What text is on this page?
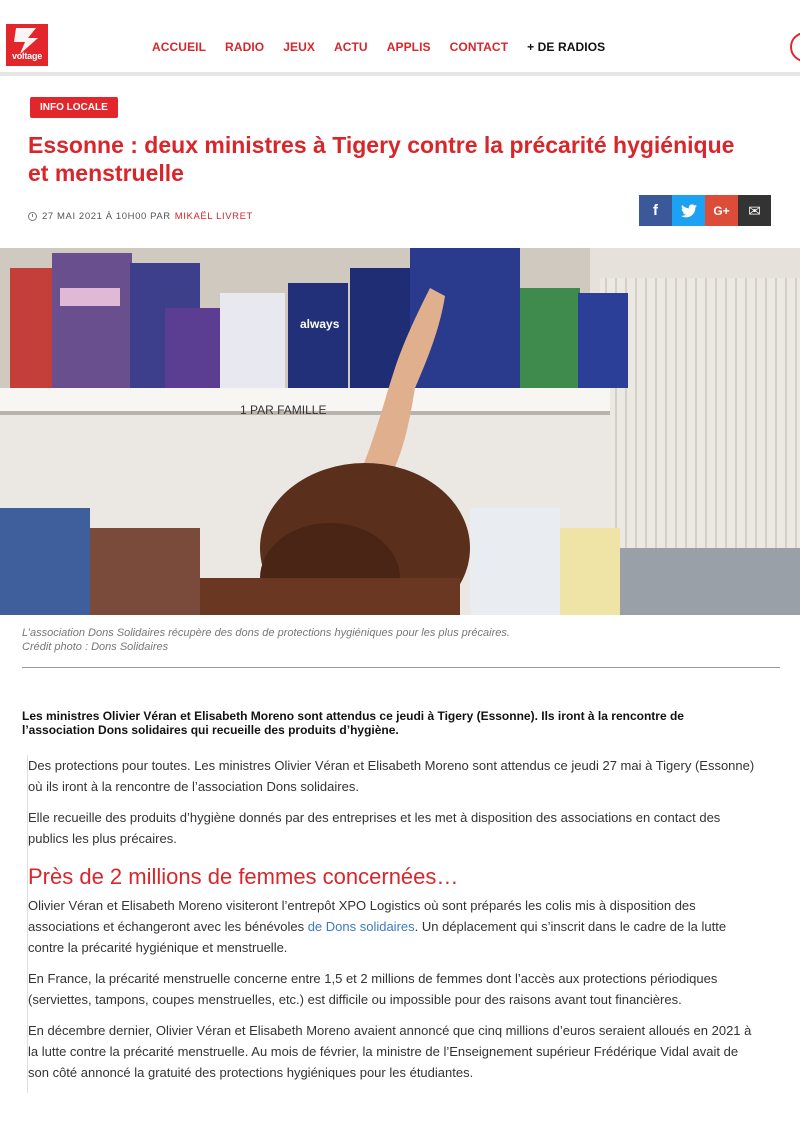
voltage
ACCUEIL RADIO JEUX ACTU APPLIS CONTACT + DE RADIOS
INFO LOCALE
Essonne : deux ministres à Tigery contre la précarité hygiénique et menstruelle
27 MAI 2021 À 10H00 PAR MIKAËL LIVRET	f	G+ ✉
always
1 PAR FAMILLE
L’association Dons Solidaires récupère des dons de protections hygiéniques pour les plus précaires.
Crédit photo : Dons Solidaires

Les ministres Olivier Véran et Elisabeth Moreno sont attendus ce jeudi à Tigery (Essonne). Ils iront à la rencontre de l’association Dons solidaires qui recueille des produits d’hygiène.

Des protections pour toutes. Les ministres Olivier Véran et Elisabeth Moreno sont attendus ce jeudi 27 mai à Tigery (Essonne) où ils iront à la rencontre de l’association Dons solidaires.

Elle recueille des produits d’hygiène donnés par des entreprises et les met à disposition des associations en contact des publics les plus précaires.

Près de 2 millions de femmes concernées…

Olivier Véran et Elisabeth Moreno visiteront l’entrepôt XPO Logistics où sont préparés les colis mis à disposition des associations et échangeront avec les bénévoles de Dons solidaires. Un déplacement qui s’inscrit dans le cadre de la lutte contre la précarité hygiénique et menstruelle.

En France, la précarité menstruelle concerne entre 1,5 et 2 millions de femmes dont l’accès aux protections périodiques (serviettes, tampons, coupes menstruelles, etc.) est difficile ou impossible pour des raisons avant tout financières.

En décembre dernier, Olivier Véran et Elisabeth Moreno avaient annoncé que cinq millions d’euros seraient alloués en 2021 à la lutte contre la précarité menstruelle. Au mois de février, la ministre de l’Enseignement supérieur Frédérique Vidal avait de son côté annoncé la gratuité des protections hygiéniques pour les étudiantes.
